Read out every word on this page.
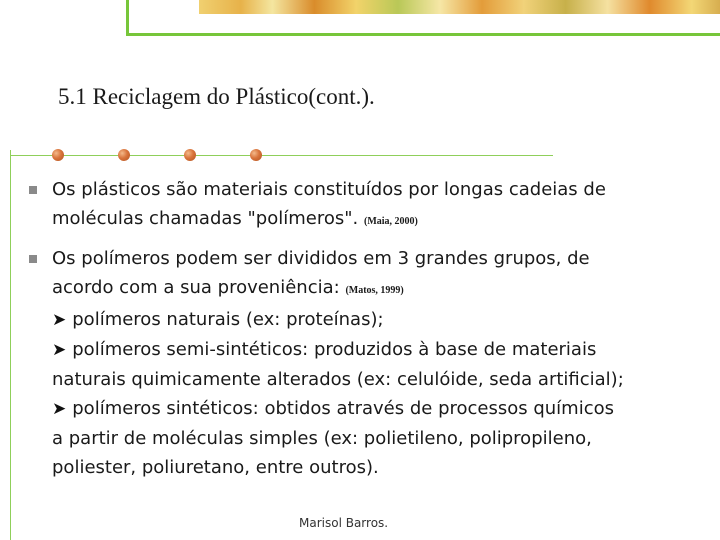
5.1 Reciclagem do Plástico(cont.).
Os plásticos são materiais constituídos por longas cadeias de
moléculas chamadas "polímeros". (Maia, 2000)
Os polímeros podem ser divididos em 3 grandes grupos, de
acordo com a sua proveniência: (Matos, 1999)
➤ polímeros naturais (ex: proteínas);
➤ polímeros semi-sintéticos: produzidos à base de materiais
naturais quimicamente alterados (ex: celulóide, seda artificial);
➤ polímeros sintéticos: obtidos através de processos químicos
a partir de moléculas simples (ex: polietileno, polipropileno,
poliester, poliuretano, entre outros).
Marisol Barros.
